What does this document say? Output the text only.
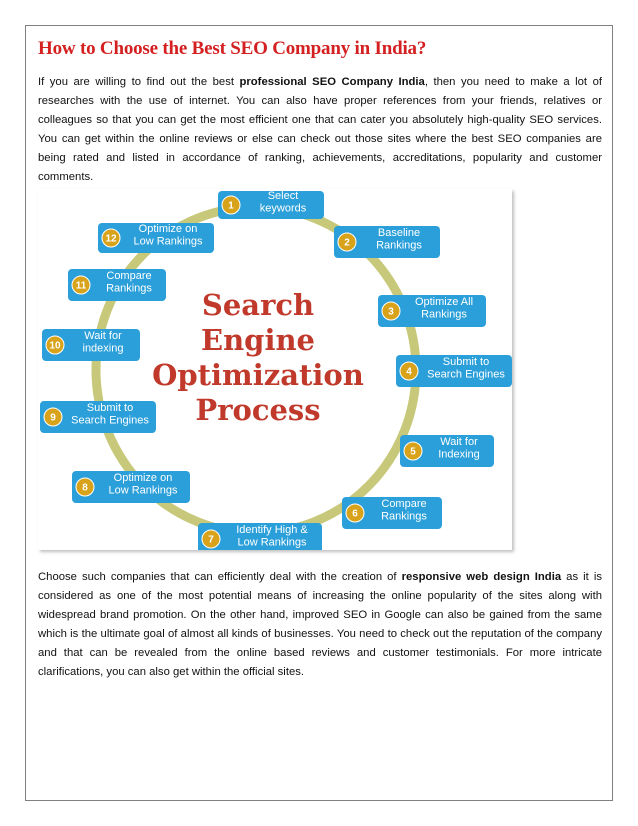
How to Choose the Best SEO Company in India?

If you are willing to find out the best professional SEO Company India, then you need to make a lot of researches with the use of internet. You can also have proper references from your friends, relatives or colleagues so that you can get the most efficient one that can cater you absolutely high-quality SEO services. You can get within the online reviews or else can check out those sites where the best SEO companies are being rated and listed in accordance of ranking, achievements, accreditations, popularity and customer comments.

Search
Engine
Optimization
Process
1
Select
keywords
2
Baseline
Rankings
3
Optimize All
Rankings
4
Submit to
Search Engines
5
Wait for
Indexing
6
Compare
Rankings
7
Identify High &
Low Rankings
8
Optimize on
Low Rankings
9
Submit to
Search Engines
10
Wait for
indexing
11
Compare
Rankings
12
Optimize on
Low Rankings

Choose such companies that can efficiently deal with the creation of responsive web design India as it is considered as one of the most potential means of increasing the online popularity of the sites along with widespread brand promotion. On the other hand, improved SEO in Google can also be gained from the same which is the ultimate goal of almost all kinds of businesses. You need to check out the reputation of the company and that can be revealed from the online based reviews and customer testimonials. For more intricate clarifications, you can also get within the official sites.
